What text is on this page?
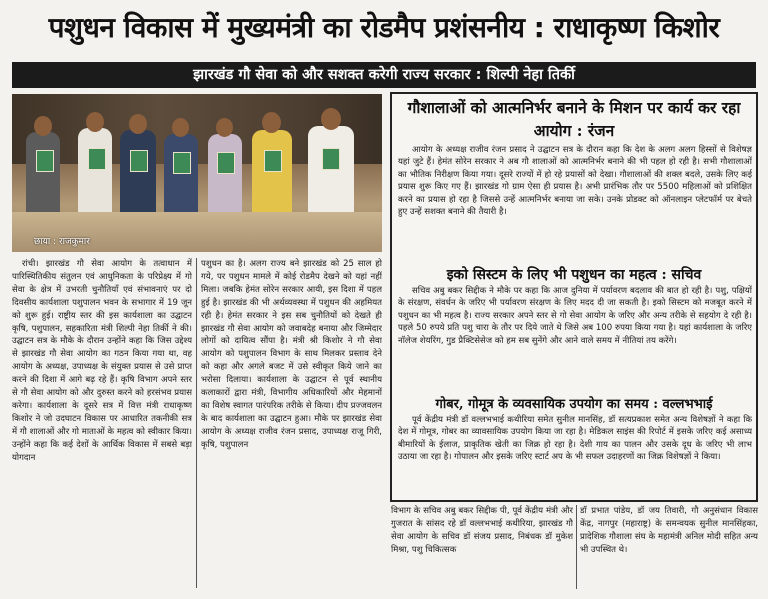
पशुधन विकास में मुख्यमंत्री का रोडमैप प्रशंसनीय : राधाकृष्ण किशोर
झारखंड गौ सेवा को और सशक्त करेगी राज्य सरकार : शिल्पी नेहा तिर्की
छाया : राजकुमार

रांची। झारखंड गौ सेवा आयोग के तत्वाधान में पारिस्थितिकीय संतुलन एवं आधुनिकता के परिप्रेक्ष्य में गो सेवा के क्षेत्र में उभरती चुनौतियाँ एवं संभावनाएं पर दो दिवसीय कार्यशाला पशुपालन भवन के सभागार में 19 जून को शुरू हुई। राष्ट्रीय स्तर की इस कार्यशाला का उद्घाटन कृषि, पशुपालन, सहकारिता मंत्री शिल्पी नेहा तिर्की ने की। उद्घाटन सत्र के मौके के दौरान उन्होंने कहा कि जिस उद्देश्य से झारखंड गौ सेवा आयोग का गठन किया गया था, वह आयोग के अध्यक्ष, उपाध्यक्ष के संयुक्त प्रयास से उसे प्राप्त करने की दिशा में आगे बढ़ रहे हैं। कृषि विभाग अपने स्तर से गौ सेवा आयोग को और दुरुस्त करने को हरसंभव प्रयास करेगा। कार्यशाला के दूसरे सत्र में वित्त मंत्री राधाकृष्ण किशोर ने जो उदघाटन विकास पर आधारित तकनीकी सत्र में गौ शालाओं और गो माताओं के महत्व को स्वीकार किया। उन्होंने कहा कि कई देशों के आर्थिक विकास में सबसे बड़ा योगदान

पशुधन का है। अलग राज्य बने झारखंड को 25 साल हो गये, पर पशुधन मामले में कोई रोडमैप देखने को यहां नहीं मिला। जबकि हेमंत सोरेन सरकार आयी, इस दिशा में पहल हुई है। झारखंड की भी अर्थव्यवस्था में पशुधन की अहमियत रही है। हेमंत सरकार ने इस सब चुनौतियों को देखते ही झारखंड गौ सेवा आयोग को जवाबदेह बनाया और जिम्मेदार लोगों को दायित्व सौंपा है। मंत्री श्री किशोर ने गौ सेवा आयोग को पशुपालन विभाग के साथ मिलकर प्रस्ताव देने को कहा और अगले बजट में उसे स्वीकृत किये जाने का भरोसा दिलाया। कार्यशाला के उद्घाटन से पूर्व स्थानीय कलाकारों द्वारा मंत्री, विभागीय अधिकारियों और मेहमानों का विशेष स्वागत पारंपरिक तरीके से किया। दीप प्रज्जवलन के बाद कार्यशाला का उद्घाटन हुआ। मौके पर झारखंड सेवा आयोग के अध्यक्ष राजीव रंजन प्रसाद, उपाध्यक्ष राजू गिरी, कृषि, पशुपालन

गौशालाओं को आत्मनिर्भर बनाने के मिशन पर कार्य कर रहा आयोग : रंजन

आयोग के अध्यक्ष राजीव रंजन प्रसाद ने उद्घाटन सत्र के दौरान कहा कि देश के अलग अलग हिस्सों से विशेषज्ञ यहां जुटे हैं। हेमंत सोरेन सरकार ने अब गौ शालाओं को आत्मनिर्भर बनाने की भी पहल हो रही है। सभी गौशालाओं का भौतिक निरीक्षण किया गया। दूसरे राज्यों में हो रहे प्रयासों को देखा। गौशालाओं की शक्ल बदले, उसके लिए कई प्रयास शुरू किए गए हैं। झारखंड गो ग्राम ऐसा ही प्रयास है। अभी प्रारंभिक तौर पर 5500 महिलाओं को प्रशिक्षित करने का प्रयास हो रहा है जिससे उन्हें आत्मनिर्भर बनाया जा सके। उनके प्रोडक्ट को ऑनलाइन प्लेटफॉर्म पर बेचते हुए उन्हें सशक्त बनाने की तैयारी है।

इको सिस्टम के लिए भी पशुधन का महत्व : सचिव

सचिव अबु बकर सिद्दीक ने मौके पर कहा कि आज दुनिया में पर्यावरण बदलाव की बात हो रही है। पशु, पक्षियों के संरक्षण, संवर्धन के जरिए भी पर्यावरण संरक्षण के लिए मदद दी जा सकती है। इको सिस्टम को मजबूत करने में पशुधन का भी महत्व है। राज्य सरकार अपने स्तर से गो सेवा आयोग के जरिए और अन्य तरीके से सहयोग दे रही है। पहले 50 रुपये प्रति पशु चारा के तौर पर दिये जाते थे जिसे अब 100 रुपया किया गया है। यहां कार्यशाला के जरिए नॉलेज शेयरिंग, गुड प्रैक्टिसेसेज को हम सब सुनेंगे और आने वाले समय में नीतियां तय करेंगे।

गोबर, गोमूत्र के व्यवसायिक उपयोग का समय : वल्लभभाई

पूर्व केंद्रीय मंत्री डॉ वल्लभभाई कथीरिया समेत सुनील मानसिंह, डॉ सत्यप्रकाश समेत अन्य विशेषज्ञों ने कहा कि देश में गोमूत्र, गोबर का व्यावसायिक उपयोग किया जा रहा है। मेडिकल साइंस की रिपोर्ट में इसके जरिए कई असाध्य बीमारियों के ईलाज, प्राकृतिक खेती का जिक्र हो रहा है। देशी गाय का पालन और उसके दूध के जरिए भी लाभ उठाया जा रहा है। गोपालन और इसके जरिए स्टार्ट अप के भी सफल उदाहरणों का जिक्र विशेषज्ञों ने किया।

विभाग के सचिव अबु बकर सिद्दीक पी, पूर्व केंद्रीय मंत्री और गुजरात के सांसद रहे डॉ वल्लभभाई कथीरिया, झारखंड गौ सेवा आयोग के सचिव डॉ संजय प्रसाद, निबंधक डॉ मुकेश मिश्रा, पशु चिकित्सक

डॉ प्रभात पांडेय, डॉ जय तिवारी, गौ अनुसंधान विकास केंद्र, नागपुर (महाराष्ट्र) के समन्वयक सुनील मानसिंहका, प्रादेशिक गौशाला संघ के महामंत्री अनिल मोदी सहित अन्य भी उपस्थित थे।
